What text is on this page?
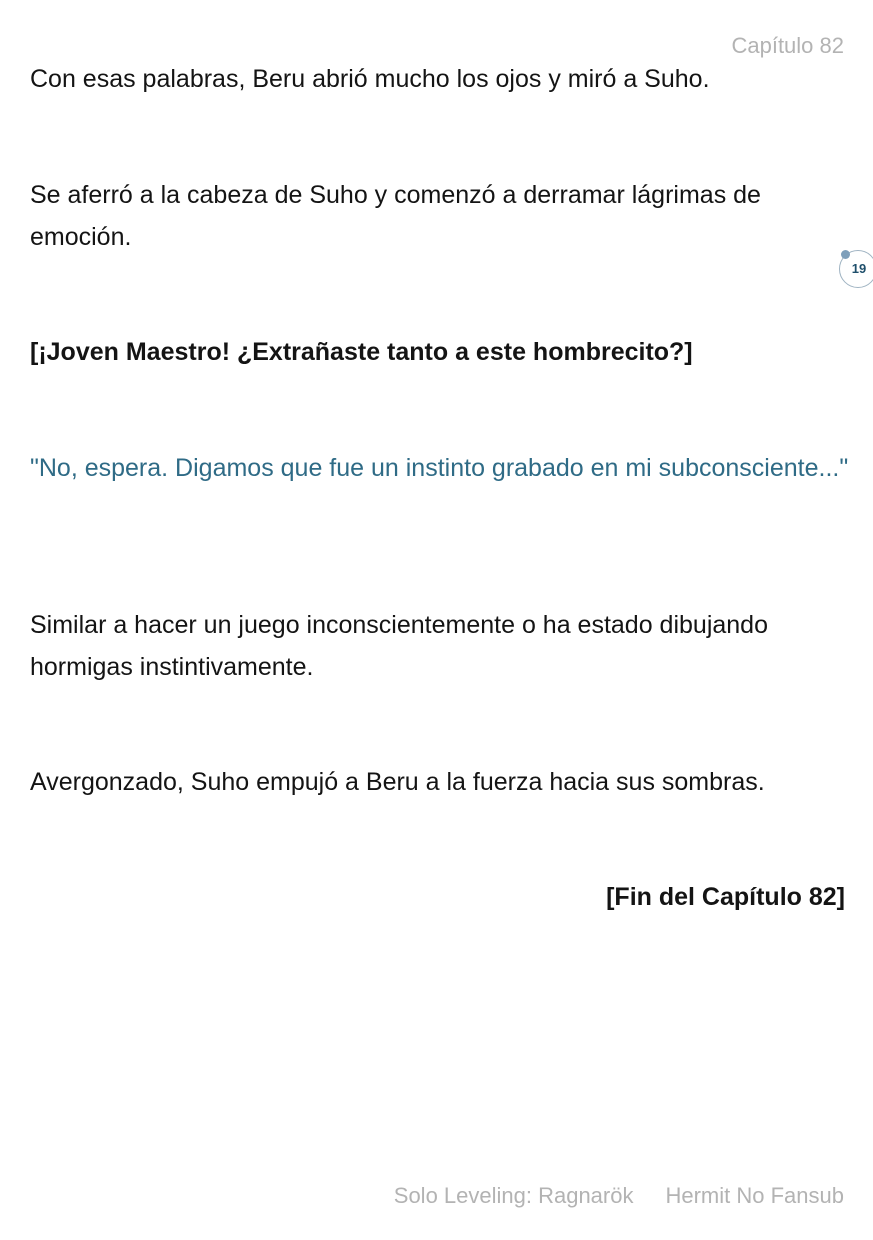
Capítulo 82

Con esas palabras, Beru abrió mucho los ojos y miró a Suho.

Se aferró a la cabeza de Suho y comenzó a derramar lágrimas de emoción.

[¡Joven Maestro! ¿Extrañaste tanto a este hombrecito?]

"No, espera. Digamos que fue un instinto grabado en mi subconsciente..."

Similar a hacer un juego inconscientemente o ha estado dibujando hormigas instintivamente.

Avergonzado, Suho empujó a Beru a la fuerza hacia sus sombras.

[Fin del Capítulo 82]

19
Solo Leveling: Ragnarök Hermit No Fansub
